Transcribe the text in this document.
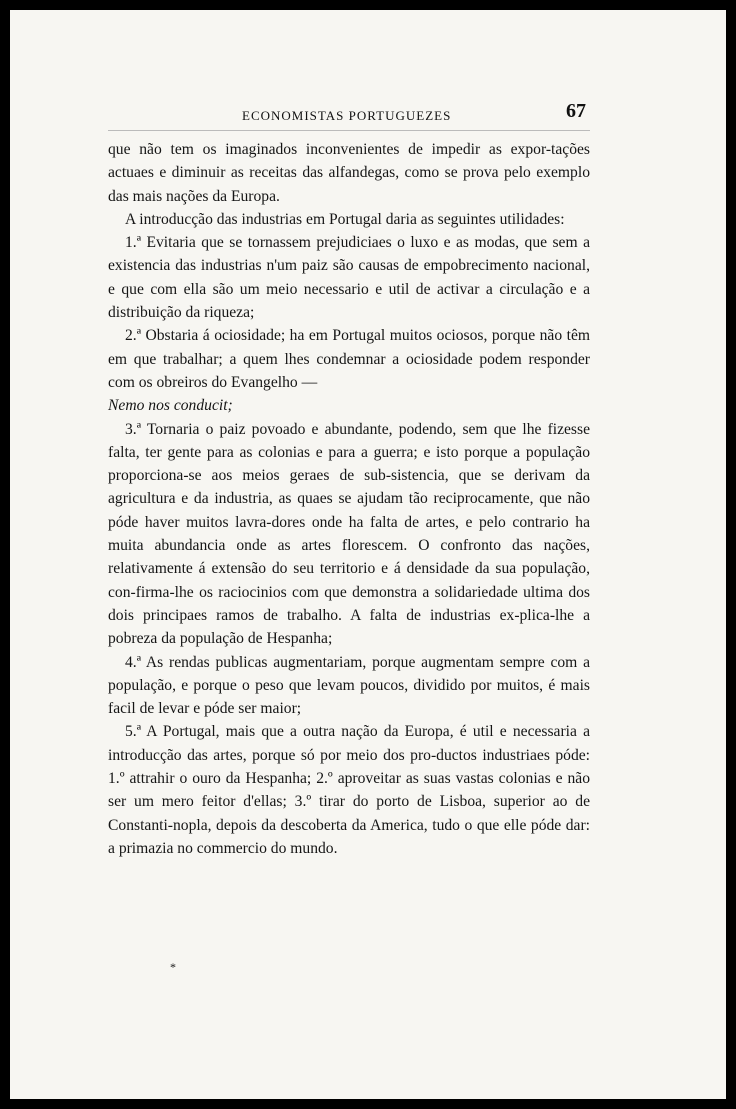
ECONOMISTAS PORTUGUEZES	67

que não tem os imaginados inconvenientes de impedir as expor-tações actuaes e diminuir as receitas das alfandegas, como se prova pelo exemplo das mais nações da Europa.

A introducção das industrias em Portugal daria as seguintes utilidades:

1.ª Evitaria que se tornassem prejudiciaes o luxo e as modas, que sem a existencia das industrias n'um paiz são causas de empobrecimento nacional, e que com ella são um meio necessario e util de activar a circulação e a distribuição da riqueza;

2.ª Obstaria á ociosidade; ha em Portugal muitos ociosos, porque não têm em que trabalhar; a quem lhes condemnar a ociosidade podem responder com os obreiros do Evangelho —

Nemo nos conducit;

3.ª Tornaria o paiz povoado e abundante, podendo, sem que lhe fizesse falta, ter gente para as colonias e para a guerra; e isto porque a população proporciona-se aos meios geraes de sub-sistencia, que se derivam da agricultura e da industria, as quaes se ajudam tão reciprocamente, que não póde haver muitos lavra-dores onde ha falta de artes, e pelo contrario ha muita abundancia onde as artes florescem. O confronto das nações, relativamente á extensão do seu territorio e á densidade da sua população, con-firma-lhe os raciocinios com que demonstra a solidariedade ultima dos dois principaes ramos de trabalho. A falta de industrias ex-plica-lhe a pobreza da população de Hespanha;

4.ª As rendas publicas augmentariam, porque augmentam sempre com a população, e porque o peso que levam poucos, dividido por muitos, é mais facil de levar e póde ser maior;

5.ª A Portugal, mais que a outra nação da Europa, é util e necessaria a introducção das artes, porque só por meio dos pro-ductos industriaes póde: 1.º attrahir o ouro da Hespanha; 2.º aproveitar as suas vastas colonias e não ser um mero feitor d'ellas; 3.º tirar do porto de Lisboa, superior ao de Constanti-nopla, depois da descoberta da America, tudo o que elle póde dar: a primazia no commercio do mundo.

*
